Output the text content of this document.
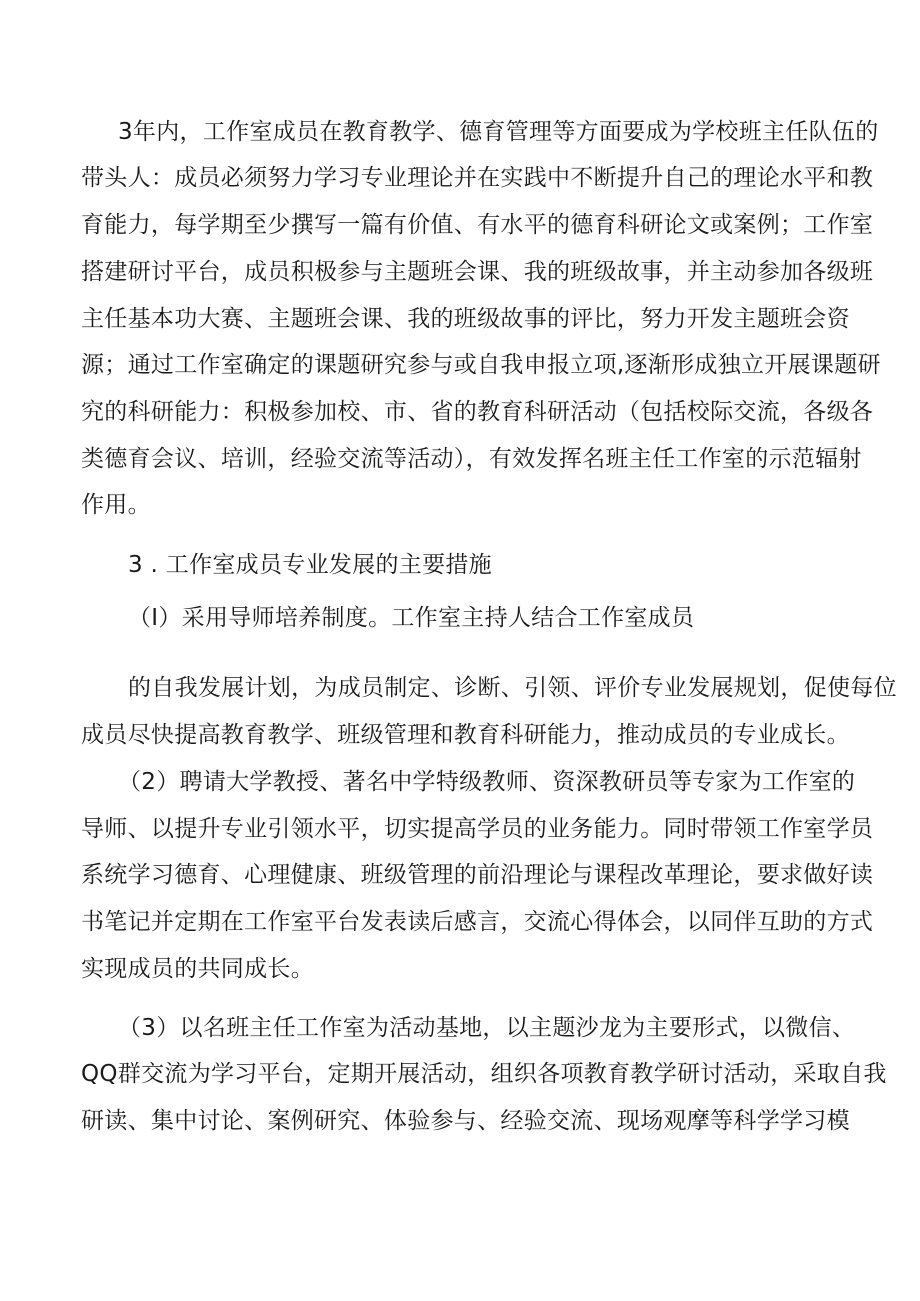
3年内，工作室成员在教育教学、德育管理等方面要成为学校班主任队伍的

带头人：成员必须努力学习专业理论并在实践中不断提升自己的理论水平和教

育能力，每学期至少撰写一篇有价值、有水平的德育科研论文或案例；工作室

搭建研讨平台，成员积极参与主题班会课、我的班级故事，并主动参加各级班

主任基本功大赛、主题班会课、我的班级故事的评比，努力开发主题班会资

源；通过工作室确定的课题研究参与或自我申报立项,逐渐形成独立开展课题研

究的科研能力：积极参加校、市、省的教育科研活动（包括校际交流，各级各

类德育会议、培训，经验交流等活动），有效发挥名班主任工作室的示范辐射

作用。

3 . 工作室成员专业发展的主要措施

（I）采用导师培养制度。工作室主持人结合工作室成员

的自我发展计划，为成员制定、诊断、引领、评价专业发展规划，促使每位

成员尽快提高教育教学、班级管理和教育科研能力，推动成员的专业成长。

（2）聘请大学教授、著名中学特级教师、资深教研员等专家为工作室的

导师、以提升专业引领水平，切实提高学员的业务能力。同时带领工作室学员

系统学习德育、心理健康、班级管理的前沿理论与课程改革理论，要求做好读

书笔记并定期在工作室平台发表读后感言，交流心得体会，以同伴互助的方式

实现成员的共同成长。

（3）以名班主任工作室为活动基地，以主题沙龙为主要形式，以微信、

QQ群交流为学习平台，定期开展活动，组织各项教育教学研讨活动，采取自我

研读、集中讨论、案例研究、体验参与、经验交流、现场观摩等科学学习模
